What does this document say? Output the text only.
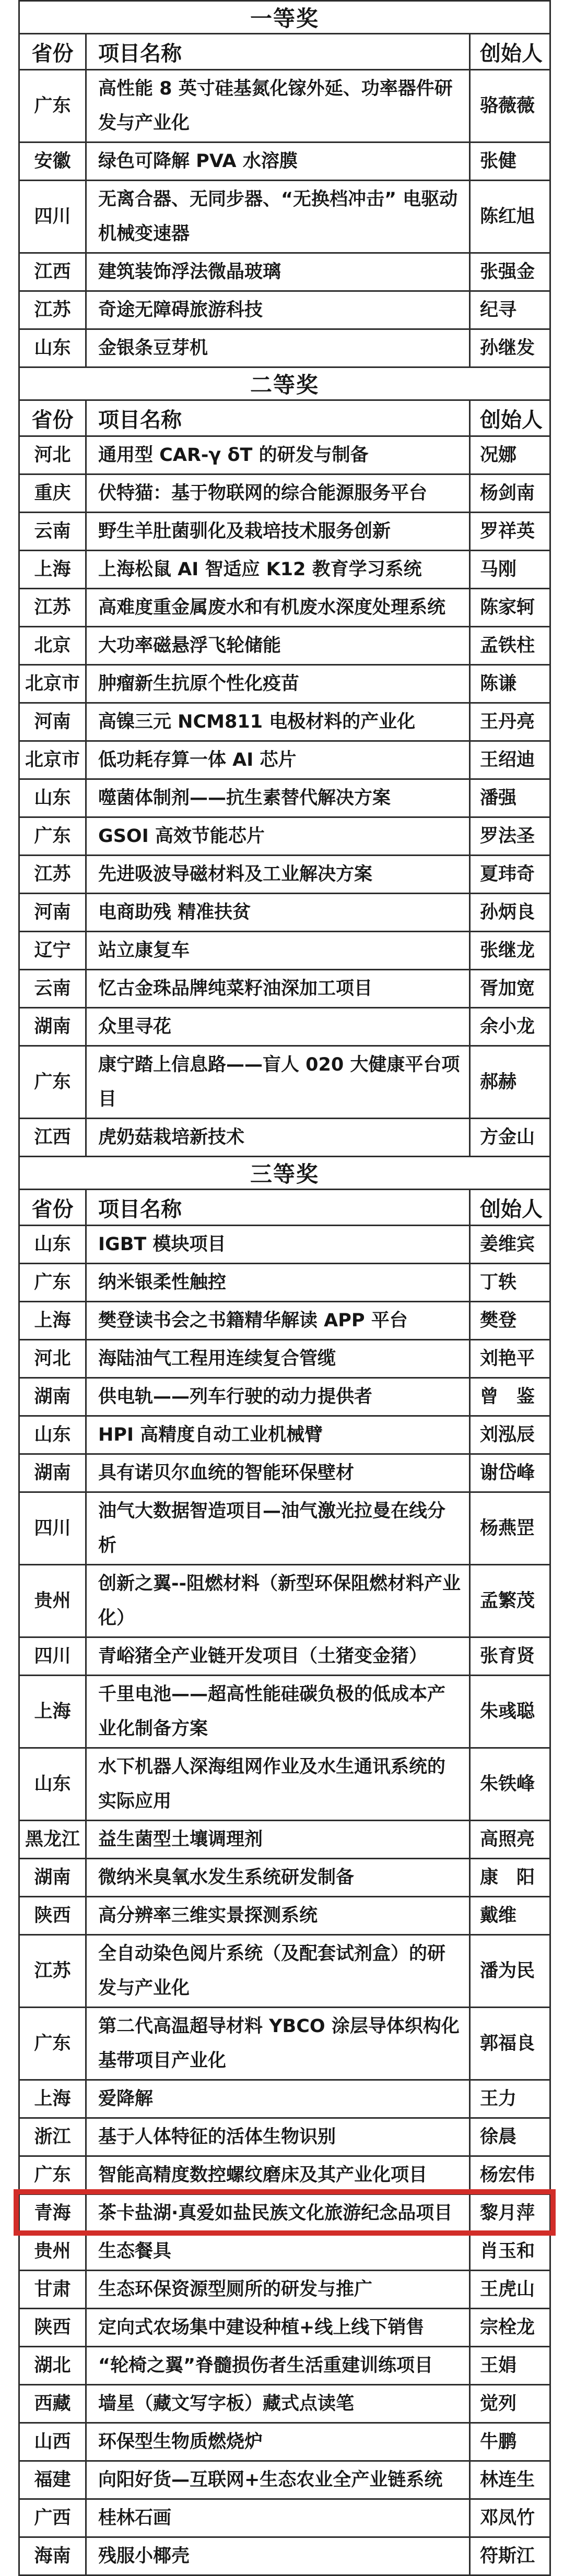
一等奖		
省份	项目名称	创始人
广东	高性能 8 英寸硅基氮化镓外延、功率器件研发与产业化	骆薇薇
安徽	绿色可降解 PVA 水溶膜	张健
四川	无离合器、无同步器、“无换档冲击” 电驱动机械变速器	陈红旭
江西	建筑装饰浮法微晶玻璃	张强金
江苏	奇途无障碍旅游科技	纪寻
山东	金银条豆芽机	孙继发
二等奖		
省份	项目名称	创始人
河北	通用型 CAR-γ δT 的研发与制备	况娜
重庆	伏特猫：基于物联网的综合能源服务平台	杨剑南
云南	野生羊肚菌驯化及栽培技术服务创新	罗祥英
上海	上海松鼠 AI 智适应 K12 教育学习系统	马刚
江苏	高难度重金属废水和有机废水深度处理系统	陈家轲
北京	大功率磁悬浮飞轮储能	孟铁柱
北京市	肿瘤新生抗原个性化疫苗	陈谦
河南	高镍三元 NCM811 电极材料的产业化	王丹亮
北京市	低功耗存算一体 AI 芯片	王绍迪
山东	噬菌体制剂——抗生素替代解决方案	潘强
广东	GSOI 高效节能芯片	罗法圣
江苏	先进吸波导磁材料及工业解决方案	夏玮奇
河南	电商助残 精准扶贫	孙炳良
辽宁	站立康复车	张继龙
云南	忆古金珠品牌纯菜籽油深加工项目	胥加宽
湖南	众里寻花	余小龙
广东	康宁踏上信息路——盲人 020 大健康平台项目	郝赫
江西	虎奶菇栽培新技术	方金山
三等奖		
省份	项目名称	创始人
山东	IGBT 模块项目	姜维宾
广东	纳米银柔性触控	丁轶
上海	樊登读书会之书籍精华解读 APP 平台	樊登
河北	海陆油气工程用连续复合管缆	刘艳平
湖南	供电轨——列车行驶的动力提供者	曾　鉴
山东	HPI 高精度自动工业机械臂	刘泓辰
湖南	具有诺贝尔血统的智能环保壁材	谢岱峰
四川	油气大数据智造项目—油气激光拉曼在线分析	杨燕罡
贵州	创新之翼--阻燃材料（新型环保阻燃材料产业化）	孟繁茂
四川	青峪猪全产业链开发项目（土猪变金猪）	张育贤
上海	千里电池——超高性能硅碳负极的低成本产业化制备方案	朱彧聪
山东	水下机器人深海组网作业及水生通讯系统的实际应用	朱铁峰
黑龙江	益生菌型土壤调理剂	高照亮
湖南	微纳米臭氧水发生系统研发制备	康　阳
陕西	高分辨率三维实景探测系统	戴维
江苏	全自动染色阅片系统（及配套试剂盒）的研发与产业化	潘为民
广东	第二代高温超导材料 YBCO 涂层导体织构化基带项目产业化	郭福良
上海	爱降解	王力
浙江	基于人体特征的活体生物识别	徐晨
广东	智能高精度数控螺纹磨床及其产业化项目	杨宏伟
青海	茶卡盐湖·真爱如盐民族文化旅游纪念品项目	黎月萍
贵州	生态餐具	肖玉和
甘肃	生态环保资源型厕所的研发与推广	王虎山
陕西	定向式农场集中建设种植+线上线下销售	宗栓龙
湖北	“轮椅之翼”脊髓损伤者生活重建训练项目	王娟
西藏	墙星（藏文写字板）藏式点读笔	觉列
山西	环保型生物质燃烧炉	牛鹏
福建	向阳好货—互联网+生态农业全产业链系统	林连生
广西	桂林石画	邓凤竹
海南	残服小椰壳	符斯江
